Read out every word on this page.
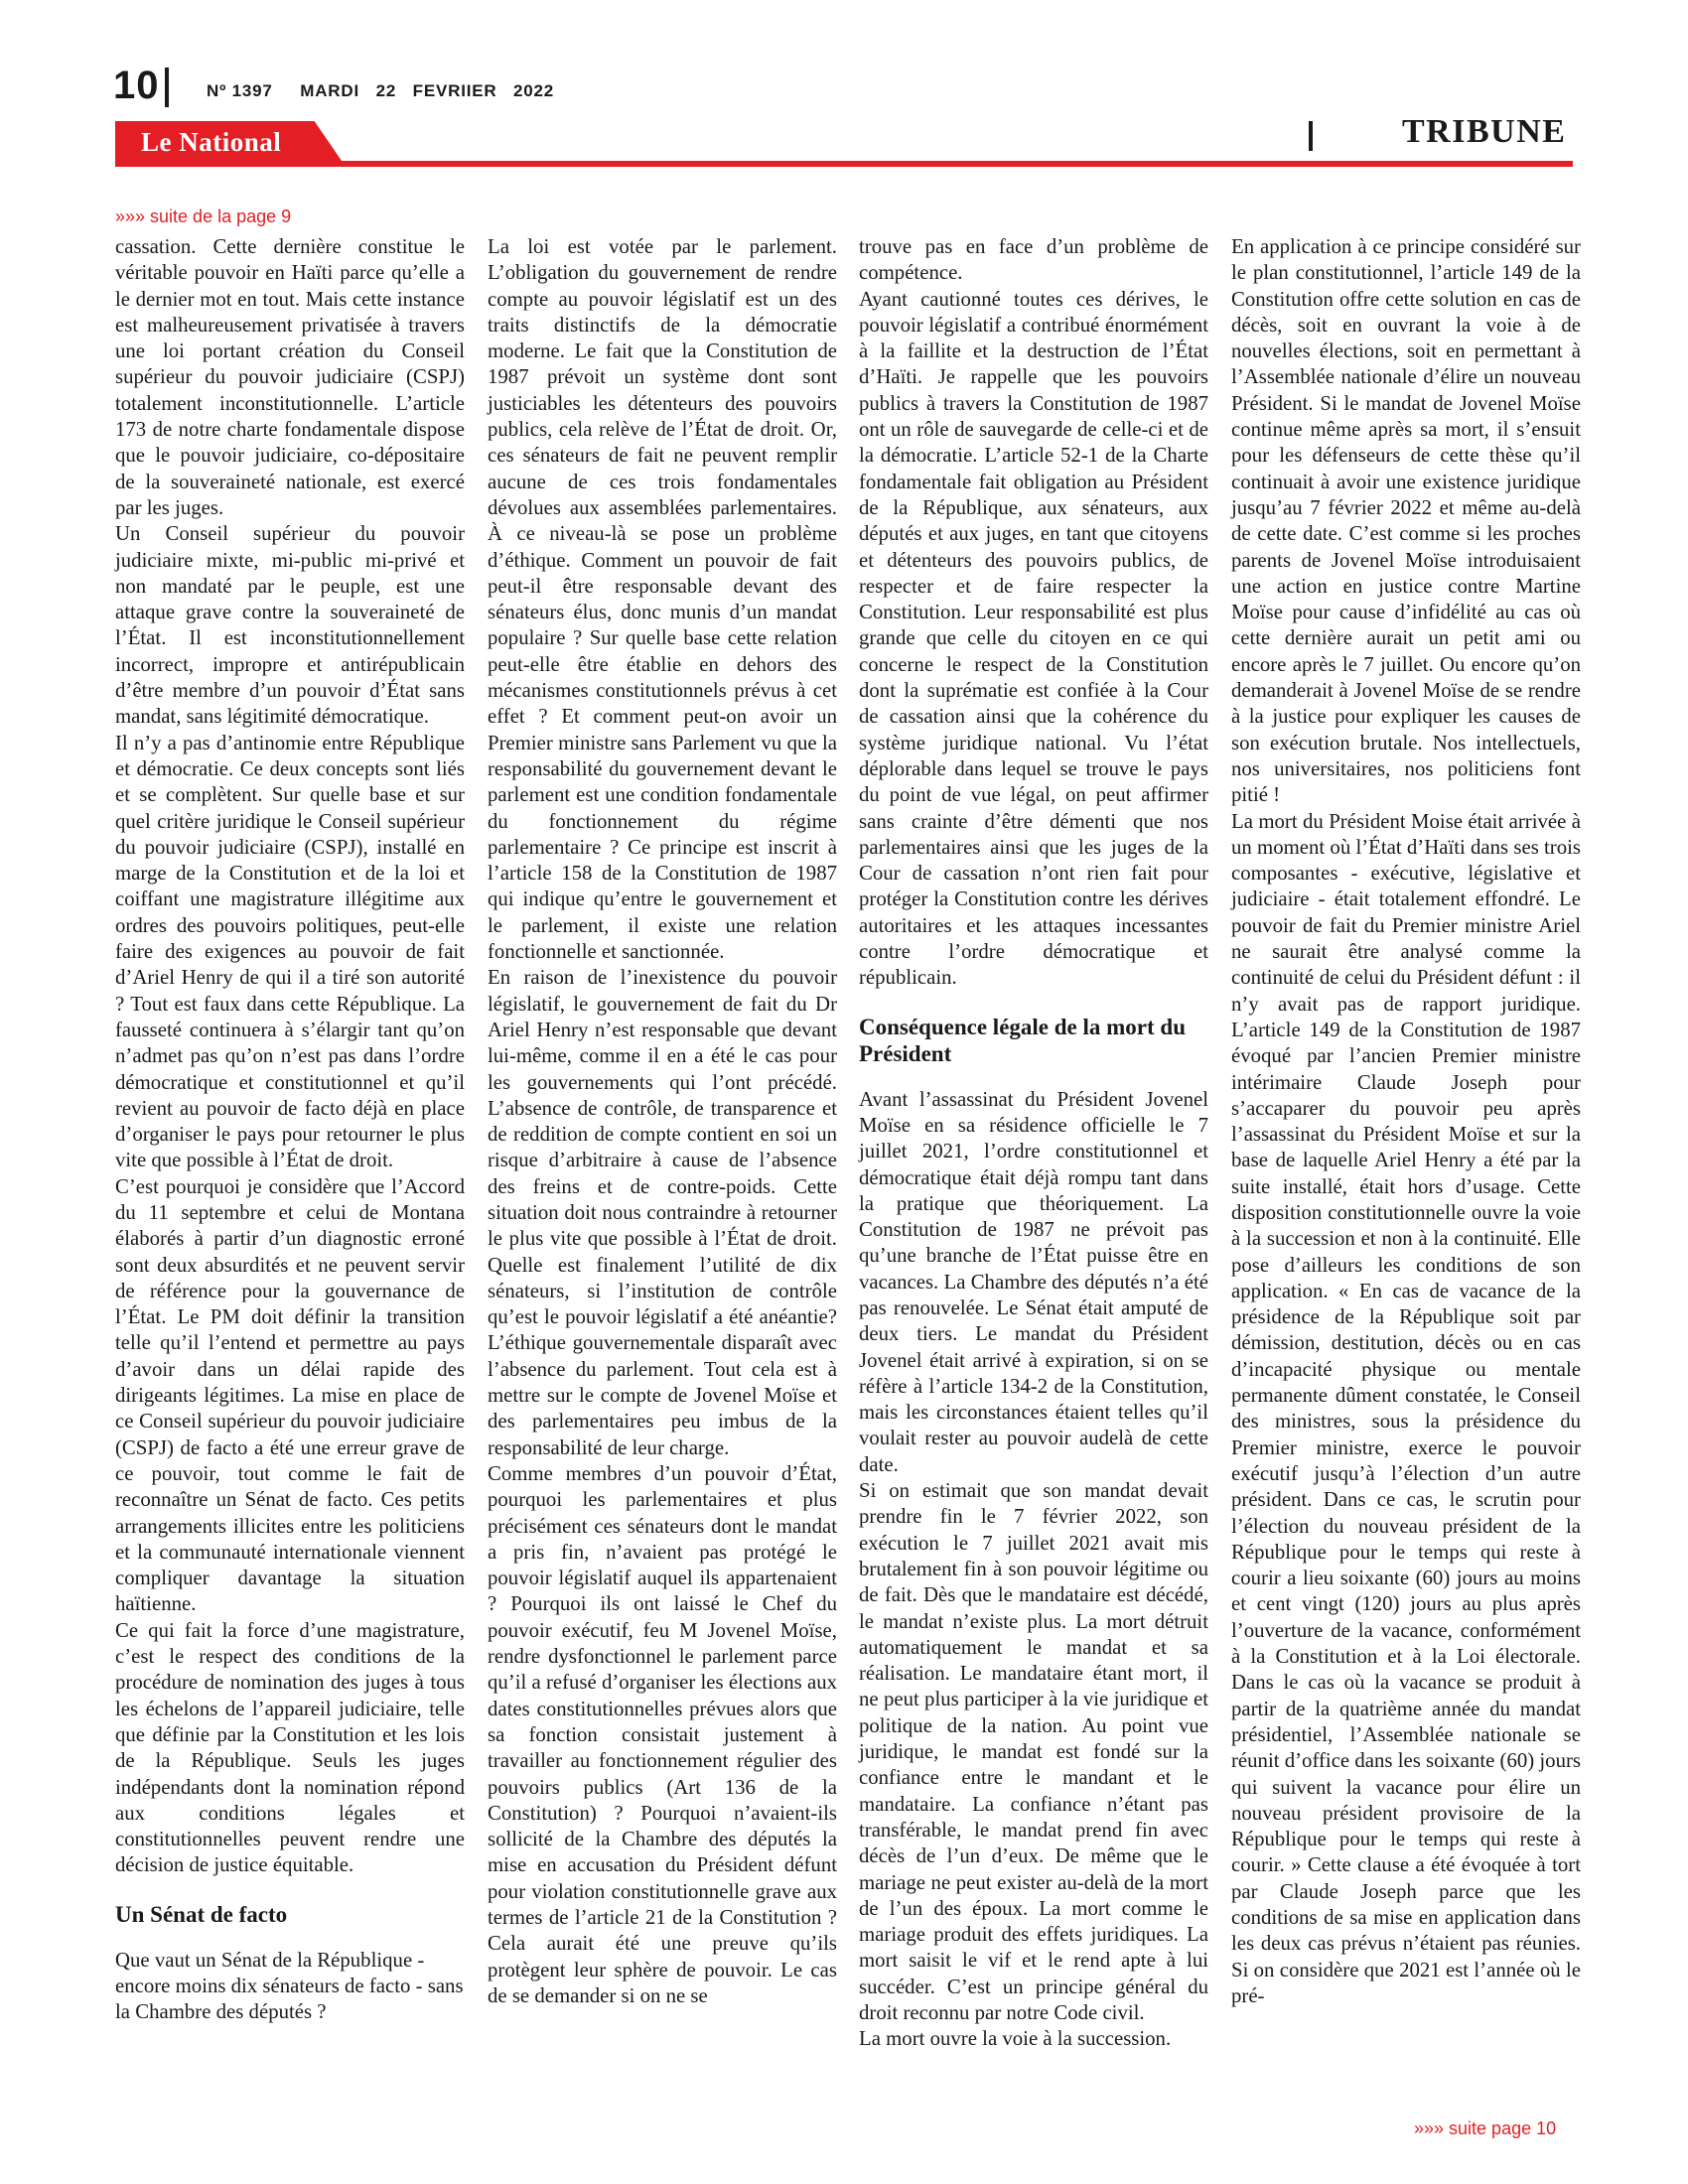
10	Nº 1397
MARDI
22
FEVRIIER
2022
Le National	TRIBUNE
»»» suite de la page 9

cassation. Cette dernière constitue le véritable pouvoir en Haïti parce qu’elle a le dernier mot en tout. Mais cette instance est malheureusement privatisée à travers une loi portant création du Conseil supérieur du pouvoir judiciaire (CSPJ) totalement inconstitutionnelle. L’article 173 de notre charte fondamentale dispose que le pouvoir judiciaire, co-dépositaire de la souveraineté nationale, est exercé par les juges.

Un Conseil supérieur du pouvoir judiciaire mixte, mi-public mi-privé et non mandaté par le peuple, est une attaque grave contre la souveraineté de l’État. Il est inconstitutionnellement incorrect, impropre et antirépublicain d’être membre d’un pouvoir d’État sans mandat, sans légitimité démocratique.

Il n’y a pas d’antinomie entre République et démocratie. Ce deux concepts sont liés et se complètent. Sur quelle base et sur quel critère juridique le Conseil supérieur du pouvoir judiciaire (CSPJ), installé en marge de la Constitution et de la loi et coiffant une magistrature illégitime aux ordres des pouvoirs politiques, peut-elle faire des exigences au pouvoir de fait d’Ariel Henry de qui il a tiré son autorité ? Tout est faux dans cette République. La fausseté continuera à s’élargir tant qu’on n’admet pas qu’on n’est pas dans l’ordre démocratique et constitutionnel et qu’il revient au pouvoir de facto déjà en place d’organiser le pays pour retourner le plus vite que possible à l’État de droit.

C’est pourquoi je considère que l’Accord du 11 septembre et celui de Montana élaborés à partir d’un diagnostic erroné sont deux absurdités et ne peuvent servir de référence pour la gouvernance de l’État. Le PM doit définir la transition telle qu’il l’entend et permettre au pays d’avoir dans un délai rapide des dirigeants légitimes. La mise en place de ce Conseil supérieur du pouvoir judiciaire (CSPJ) de facto a été une erreur grave de ce pouvoir, tout comme le fait de reconnaître un Sénat de facto. Ces petits arrangements illicites entre les politiciens et la communauté internationale viennent compliquer davantage la situation haïtienne.

Ce qui fait la force d’une magistrature, c’est le respect des conditions de la procédure de nomination des juges à tous les échelons de l’appareil judiciaire, telle que définie par la Constitution et les lois de la République. Seuls les juges indépendants dont la nomination répond aux conditions légales et constitutionnelles peuvent rendre une décision de justice équitable.

Un Sénat de facto

Que vaut un Sénat de la République - encore moins dix sénateurs de facto - sans la Chambre des députés ?

La loi est votée par le parlement. L’obligation du gouvernement de rendre compte au pouvoir législatif est un des traits distinctifs de la démocratie moderne. Le fait que la Constitution de 1987 prévoit un système dont sont justiciables les détenteurs des pouvoirs publics, cela relève de l’État de droit. Or, ces sénateurs de fait ne peuvent remplir aucune de ces trois fondamentales dévolues aux assemblées parlementaires. À ce niveau-là se pose un problème d’éthique. Comment un pouvoir de fait peut-il être responsable devant des sénateurs élus, donc munis d’un mandat populaire ? Sur quelle base cette relation peut-elle être établie en dehors des mécanismes constitutionnels prévus à cet effet ? Et comment peut-on avoir un Premier ministre sans Parlement vu que la responsabilité du gouvernement devant le parlement est une condition fondamentale du fonctionnement du régime parlementaire ? Ce principe est inscrit à l’article 158 de la Constitution de 1987 qui indique qu’entre le gouvernement et le parlement, il existe une relation fonctionnelle et sanctionnée.

En raison de l’inexistence du pouvoir législatif, le gouvernement de fait du Dr Ariel Henry n’est responsable que devant lui-même, comme il en a été le cas pour les gouvernements qui l’ont précédé. L’absence de contrôle, de transparence et de reddition de compte contient en soi un risque d’arbitraire à cause de l’absence des freins et de contre-poids. Cette situation doit nous contraindre à retourner le plus vite que possible à l’État de droit. Quelle est finalement l’utilité de dix sénateurs, si l’institution de contrôle qu’est le pouvoir législatif a été anéantie? L’éthique gouvernementale disparaît avec l’absence du parlement. Tout cela est à mettre sur le compte de Jovenel Moïse et des parlementaires peu imbus de la responsabilité de leur charge.

Comme membres d’un pouvoir d’État, pourquoi les parlementaires et plus précisément ces sénateurs dont le mandat a pris fin, n’avaient pas protégé le pouvoir législatif auquel ils appartenaient ? Pourquoi ils ont laissé le Chef du pouvoir exécutif, feu M Jovenel Moïse, rendre dysfonctionnel le parlement parce qu’il a refusé d’organiser les élections aux dates constitutionnelles prévues alors que sa fonction consistait justement à travailler au fonctionnement régulier des pouvoirs publics (Art 136 de la Constitution) ? Pourquoi n’avaient-ils sollicité de la Chambre des députés la mise en accusation du Président défunt pour violation constitutionnelle grave aux termes de l’article 21 de la Constitution ? Cela aurait été une preuve qu’ils protègent leur sphère de pouvoir. Le cas de se demander si on ne se

trouve pas en face d’un problème de compétence.

Ayant cautionné toutes ces dérives, le pouvoir législatif a contribué énormément à la faillite et la destruction de l’État d’Haïti. Je rappelle que les pouvoirs publics à travers la Constitution de 1987 ont un rôle de sauvegarde de celle-ci et de la démocratie. L’article 52-1 de la Charte fondamentale fait obligation au Président de la République, aux sénateurs, aux députés et aux juges, en tant que citoyens et détenteurs des pouvoirs publics, de respecter et de faire respecter la Constitution. Leur responsabilité est plus grande que celle du citoyen en ce qui concerne le respect de la Constitution dont la suprématie est confiée à la Cour de cassation ainsi que la cohérence du système juridique national. Vu l’état déplorable dans lequel se trouve le pays du point de vue légal, on peut affirmer sans crainte d’être démenti que nos parlementaires ainsi que les juges de la Cour de cassation n’ont rien fait pour protéger la Constitution contre les dérives autoritaires et les attaques incessantes contre l’ordre démocratique et républicain.

Conséquence légale de la mort du Président

Avant l’assassinat du Président Jovenel Moïse en sa résidence officielle le 7 juillet 2021, l’ordre constitutionnel et démocratique était déjà rompu tant dans la pratique que théoriquement. La Constitution de 1987 ne prévoit pas qu’une branche de l’État puisse être en vacances. La Chambre des députés n’a été pas renouvelée. Le Sénat était amputé de deux tiers. Le mandat du Président Jovenel était arrivé à expiration, si on se réfère à l’article 134-2 de la Constitution, mais les circonstances étaient telles qu’il voulait rester au pouvoir audelà de cette date.

Si on estimait que son mandat devait prendre fin le 7 février 2022, son exécution le 7 juillet 2021 avait mis brutalement fin à son pouvoir légitime ou de fait. Dès que le mandataire est décédé, le mandat n’existe plus. La mort détruit automatiquement le mandat et sa réalisation. Le mandataire étant mort, il ne peut plus participer à la vie juridique et politique de la nation. Au point vue juridique, le mandat est fondé sur la confiance entre le mandant et le mandataire. La confiance n’étant pas transférable, le mandat prend fin avec décès de l’un d’eux. De même que le mariage ne peut exister au-delà de la mort de l’un des époux. La mort comme le mariage produit des effets juridiques. La mort saisit le vif et le rend apte à lui succéder. C’est un principe général du droit reconnu par notre Code civil.

La mort ouvre la voie à la succession.

En application à ce principe considéré sur le plan constitutionnel, l’article 149 de la Constitution offre cette solution en cas de décès, soit en ouvrant la voie à de nouvelles élections, soit en permettant à l’Assemblée nationale d’élire un nouveau Président. Si le mandat de Jovenel Moïse continue même après sa mort, il s’ensuit pour les défenseurs de cette thèse qu’il continuait à avoir une existence juridique jusqu’au 7 février 2022 et même au-delà de cette date. C’est comme si les proches parents de Jovenel Moïse introduisaient une action en justice contre Martine Moïse pour cause d’infidélité au cas où cette dernière aurait un petit ami ou encore après le 7 juillet. Ou encore qu’on demanderait à Jovenel Moïse de se rendre à la justice pour expliquer les causes de son exécution brutale. Nos intellectuels, nos universitaires, nos politiciens font pitié !

La mort du Président Moise était arrivée à un moment où l’État d’Haïti dans ses trois composantes - exécutive, législative et judiciaire - était totalement effondré. Le pouvoir de fait du Premier ministre Ariel ne saurait être analysé comme la continuité de celui du Président défunt : il n’y avait pas de rapport juridique. L’article 149 de la Constitution de 1987 évoqué par l’ancien Premier ministre intérimaire Claude Joseph pour s’accaparer du pouvoir peu après l’assassinat du Président Moïse et sur la base de laquelle Ariel Henry a été par la suite installé, était hors d’usage. Cette disposition constitutionnelle ouvre la voie à la succession et non à la continuité. Elle pose d’ailleurs les conditions de son application. « En cas de vacance de la présidence de la République soit par démission, destitution, décès ou en cas d’incapacité physique ou mentale permanente dûment constatée, le Conseil des ministres, sous la présidence du Premier ministre, exerce le pouvoir exécutif jusqu’à l’élection d’un autre président. Dans ce cas, le scrutin pour l’élection du nouveau président de la République pour le temps qui reste à courir a lieu soixante (60) jours au moins et cent vingt (120) jours au plus après l’ouverture de la vacance, conformément à la Constitution et à la Loi électorale. Dans le cas où la vacance se produit à partir de la quatrième année du mandat présidentiel, l’Assemblée nationale se réunit d’office dans les soixante (60) jours qui suivent la vacance pour élire un nouveau président provisoire de la République pour le temps qui reste à courir. » Cette clause a été évoquée à tort par Claude Joseph parce que les conditions de sa mise en application dans les deux cas prévus n’étaient pas réunies. Si on considère que 2021 est l’année où le pré-

»»» suite page 10
